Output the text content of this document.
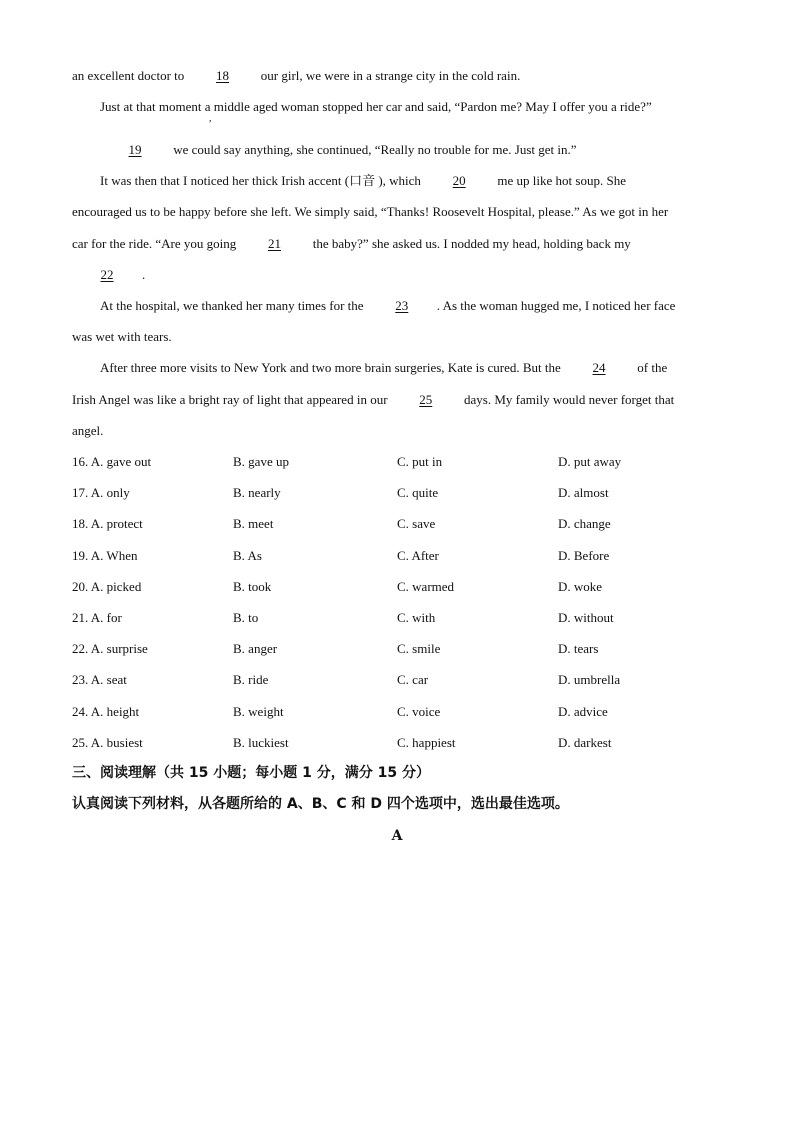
an excellent doctor to 18 our girl, we were in a strange city in the cold rain.
Just at that moment a middle aged woman stopped her car and said, “Pardon me? May I offer you a ride?”
,
19 we could say anything, she continued, “Really no trouble for me. Just get in.”
It was then that I noticed her thick Irish accent (口音 ), which 20 me up like hot soup. She
encouraged us to be happy before she left. We simply said, “Thanks! Roosevelt Hospital, please.” As we got in her
car for the ride. “Are you going 21 the baby?” she asked us. I nodded my head, holding back my
22 .
At the hospital, we thanked her many times for the 23 . As the woman hugged me, I noticed her face
was wet with tears.
After three more visits to New York and two more brain surgeries, Kate is cured. But the 24 of the
Irish Angel was like a bright ray of light that appeared in our 25 days. My family would never forget that
angel.
16. A. gave out	B. gave up	C. put in	D. put away
17. A. only	B. nearly	C. quite	D. almost
18. A. protect	B. meet	C. save	D. change
19. A. When	B. As	C. After	D. Before
20. A. picked	B. took	C. warmed	D. woke
21. A. for	B. to	C. with	D. without
22. A. surprise	B. anger	C. smile	D. tears
23. A. seat	B. ride	C. car	D. umbrella
24. A. height	B. weight	C. voice	D. advice
25. A. busiest	B. luckiest	C. happiest	D. darkest
三、阅读理解（共 15 小题；每小题 1 分，满分 15 分）
认真阅读下列材料，从各题所给的 A、B、C 和 D 四个选项中，选出最佳选项。
A
